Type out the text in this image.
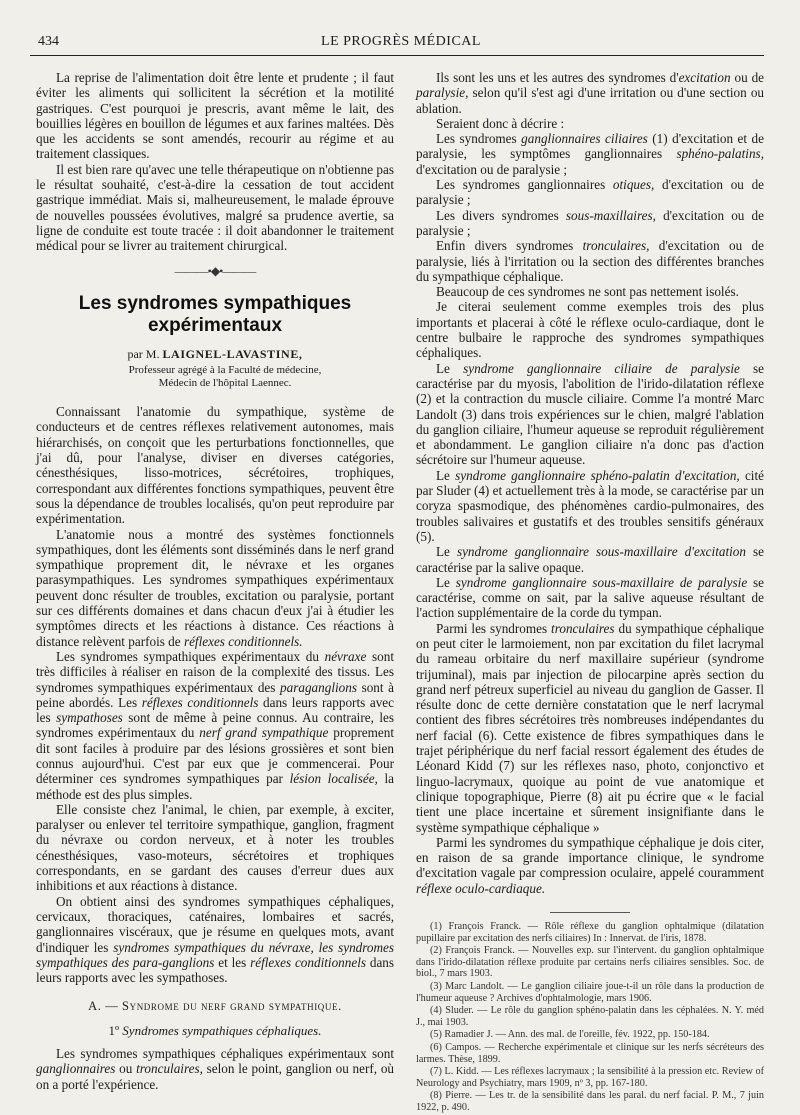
434	LE PROGRÈS MÉDICAL

La reprise de l'alimentation doit être lente et prudente ; il faut éviter les aliments qui sollicitent la sécrétion et la motilité gastriques. C'est pourquoi je prescris, avant même le lait, des bouillies légères en bouillon de légumes et aux farines maltées. Dès que les accidents se sont amendés, recourir au régime et au traitement classiques.

Il est bien rare qu'avec une telle thérapeutique on n'obtienne pas le résultat souhaité, c'est-à-dire la cessation de tout accident gastrique immédiat. Mais si, malheureusement, le malade éprouve de nouvelles poussées évolutives, malgré sa prudence avertie, sa ligne de conduite est toute tracée : il doit abandonner le traitement médical pour se livrer au traitement chirurgical.

———•◆•———
Les syndromes sympathiques expérimentaux
par M. LAIGNEL-LAVASTINE,

Professeur agrégé à la Faculté de médecine,

Médecin de l'hôpital Laennec.

Connaissant l'anatomie du sympathique, système de conducteurs et de centres réflexes relativement autonomes, mais hiérarchisés, on conçoit que les perturbations fonctionnelles, que j'ai dû, pour l'analyse, diviser en diverses catégories, cénesthésiques, lisso-motrices, sécrétoires, trophiques, correspondant aux différentes fonctions sympathiques, peuvent être sous la dépendance de troubles localisés, qu'on peut reproduire par expérimentation.

L'anatomie nous a montré des systèmes fonctionnels sympathiques, dont les éléments sont disséminés dans le nerf grand sympathique proprement dit, le névraxe et les organes parasympathiques. Les syndromes sympathiques expérimentaux peuvent donc résulter de troubles, excitation ou paralysie, portant sur ces différents domaines et dans chacun d'eux j'ai à étudier les symptômes directs et les réactions à distance. Ces réactions à distance relèvent parfois de réflexes conditionnels.

Les syndromes sympathiques expérimentaux du névraxe sont très difficiles à réaliser en raison de la complexité des tissus. Les syndromes sympathiques expérimentaux des paraganglions sont à peine abordés. Les réflexes conditionnels dans leurs rapports avec les sympathoses sont de même à peine connus. Au contraire, les syndromes expérimentaux du nerf grand sympathique proprement dit sont faciles à produire par des lésions grossières et sont bien connus aujourd'hui. C'est par eux que je commencerai. Pour déterminer ces syndromes sympathiques par lésion localisée, la méthode est des plus simples.

Elle consiste chez l'animal, le chien, par exemple, à exciter, paralyser ou enlever tel territoire sympathique, ganglion, fragment du névraxe ou cordon nerveux, et à noter les troubles cénesthésiques, vaso-moteurs, sécrétoires et trophiques correspondants, en se gardant des causes d'erreur dues aux inhibitions et aux réactions à distance.

On obtient ainsi des syndromes sympathiques céphaliques, cervicaux, thoraciques, caténaires, lombaires et sacrés, ganglionnaires viscéraux, que je résume en quelques mots, avant d'indiquer les syndromes sympathiques du névraxe, les syndromes sympathiques des para-ganglions et les réflexes conditionnels dans leurs rapports avec les sympathoses.

A. — Syndrome du nerf grand sympathique.
1º Syndromes sympathiques céphaliques.

Les syndromes sympathiques céphaliques expérimentaux sont ganglionnaires ou tronculaires, selon le point, ganglion ou nerf, où on a porté l'expérience.

Ils sont les uns et les autres des syndromes d'excitation ou de paralysie, selon qu'il s'est agi d'une irritation ou d'une section ou ablation.

Seraient donc à décrire :

Les syndromes ganglionnaires ciliaires (1) d'excitation et de paralysie, les symptômes ganglionnaires sphéno-palatins, d'excitation ou de paralysie ;

Les syndromes ganglionnaires otiques, d'excitation ou de paralysie ;

Les divers syndromes sous-maxillaires, d'excitation ou de paralysie ;

Enfin divers syndromes tronculaires, d'excitation ou de paralysie, liés à l'irritation ou la section des différentes branches du sympathique céphalique.

Beaucoup de ces syndromes ne sont pas nettement isolés.

Je citerai seulement comme exemples trois des plus importants et placerai à côté le réflexe oculo-cardiaque, dont le centre bulbaire le rapproche des syndromes sympathiques céphaliques.

Le syndrome ganglionnaire ciliaire de paralysie se caractérise par du myosis, l'abolition de l'irido-dilatation réflexe (2) et la contraction du muscle ciliaire. Comme l'a montré Marc Landolt (3) dans trois expériences sur le chien, malgré l'ablation du ganglion ciliaire, l'humeur aqueuse se reproduit régulièrement et abondamment. Le ganglion ciliaire n'a donc pas d'action sécrétoire sur l'humeur aqueuse.

Le syndrome ganglionnaire sphéno-palatin d'excitation, cité par Sluder (4) et actuellement très à la mode, se caractérise par un coryza spasmodique, des phénomènes cardio-pulmonaires, des troubles salivaires et gustatifs et des troubles sensitifs généraux (5).

Le syndrome ganglionnaire sous-maxillaire d'excitation se caractérise par la salive opaque.

Le syndrome ganglionnaire sous-maxillaire de paralysie se caractérise, comme on sait, par la salive aqueuse résultant de l'action supplémentaire de la corde du tympan.

Parmi les syndromes tronculaires du sympathique céphalique on peut citer le larmoiement, non par excitation du filet lacrymal du rameau orbitaire du nerf maxillaire supérieur (syndrome trijuminal), mais par injection de pilocarpine après section du grand nerf pétreux superficiel au niveau du ganglion de Gasser. Il résulte donc de cette dernière constatation que le nerf lacrymal contient des fibres sécrétoires très nombreuses indépendantes du nerf facial (6). Cette existence de fibres sympathiques dans le trajet périphérique du nerf facial ressort également des études de Léonard Kidd (7) sur les réflexes naso, photo, conjonctivo et linguo-lacrymaux, quoique au point de vue anatomique et clinique topographique, Pierre (8) ait pu écrire que « le facial tient une place incertaine et sûrement insignifiante dans le système sympathique céphalique »

Parmi les syndromes du sympathique céphalique je dois citer, en raison de sa grande importance clinique, le syndrome d'excitation vagale par compression oculaire, appelé couramment réflexe oculo-cardiaque.

(1) François Franck. — Rôle réflexe du ganglion ophtalmique (dilatation pupillaire par excitation des nerfs ciliaires) In : Innervat. de l'iris, 1878.

(2) François Franck. — Nouvelles exp. sur l'intervent. du ganglion ophtalmique dans l'irido-dilatation réflexe produite par certains nerfs ciliaires sensibles. Soc. de biol., 7 mars 1903.

(3) Marc Landolt. — Le ganglion ciliaire joue-t-il un rôle dans la production de l'humeur aqueuse ? Archives d'ophtalmologie, mars 1906.

(4) Sluder. — Le rôle du ganglion sphéno-palatin dans les céphalées. N. Y. méd J., mai 1903.

(5) Ramadier J. — Ann. des mal. de l'oreille, fév. 1922, pp. 150-184.

(6) Campos. — Recherche expérimentale et clinique sur les nerfs sécréteurs des larmes. Thèse, 1899.

(7) L. Kidd. — Les réflexes lacrymaux ; la sensibilité à la pression etc. Review of Neurology and Psychiatry, mars 1909, nº 3, pp. 167-180.

(8) Pierre. — Les tr. de la sensibilité dans les paral. du nerf facial. P. M., 7 juin 1922, p. 490.
